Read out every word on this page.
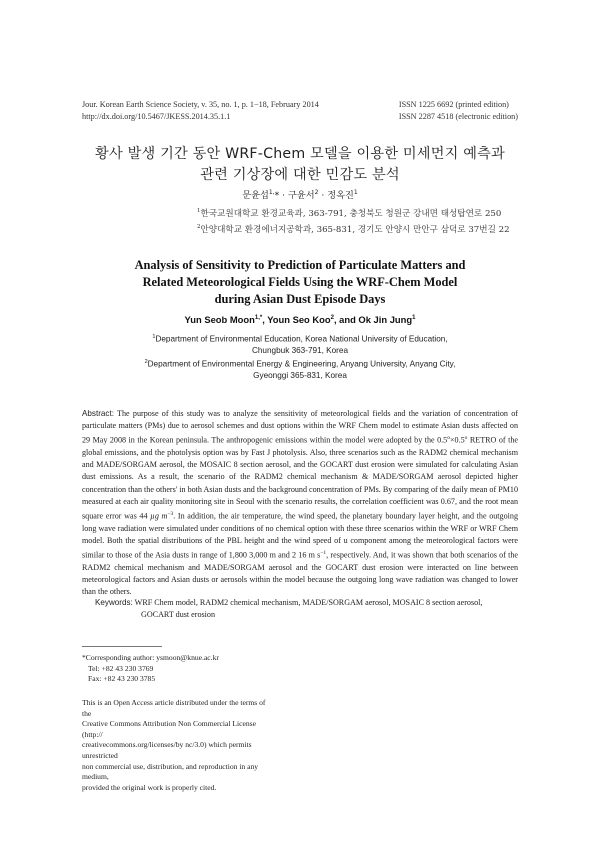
Jour. Korean Earth Science Society, v. 35, no. 1, p. 1−18, February 2014
http://dx.doi.org/10.5467/JKESS.2014.35.1.1
ISSN 1225 6692 (printed edition)
ISSN 2287 4518 (electronic edition)
황사 발생 기간 동안 WRF-Chem 모델을 이용한 미세먼지 예측과
관련 기상장에 대한 민감도 분석
문윤섭$^{1,}$* · 구윤서$^2$ · 정옥진$^1$
$^1$한국교원대학교 환경교육과, 363-791, 충청북도 청원군 강내면 태성탑연로 250
$^2$안양대학교 환경에너지공학과, 365-831, 경기도 안양시 만안구 삼덕로 37번길 22
Analysis of Sensitivity to Prediction of Particulate Matters and
Related Meteorological Fields Using the WRF-Chem Model
during Asian Dust Episode Days
Yun Seob Moon$^{1,*}$, Youn Seo Koo$^2$, and Ok Jin Jung$^1$
$^1$Department of Environmental Education, Korea National University of Education,
Chungbuk 363-791, Korea
$^2$Department of Environmental Energy & Engineering, Anyang University, Anyang City,
Gyeonggi 365-831, Korea
Abstract: The purpose of this study was to analyze the sensitivity of meteorological fields and the variation of concentration of particulate matters (PMs) due to aerosol schemes and dust options within the WRF Chem model to estimate Asian dusts affected on 29 May 2008 in the Korean peninsula. The anthropogenic emissions within the model were adopted by the $0.5^o\times 0.5^o$ RETRO of the global emissions, and the photolysis option was by Fast J photolysis. Also, three scenarios such as the RADM2 chemical mechanism and MADE/SORGAM aerosol, the MOSAIC 8 section aerosol, and the GOCART dust erosion were simulated for calculating Asian dust emissions. As a result, the scenario of the RADM2 chemical mechanism & MADE/SORGAM aerosol depicted higher concentration than the others' in both Asian dusts and the background concentration of PMs. By comparing of the daily mean of PM10 measured at each air quality monitoring site in Seoul with the scenario results, the correlation coefficient was 0.67, and the root mean square error was 44 µg $m^{-3}$. In addition, the air temperature, the wind speed, the planetary boundary layer height, and the outgoing long wave radiation were simulated under conditions of no chemical option with these three scenarios within the WRF or WRF Chem model. Both the spatial distributions of the PBL height and the wind speed of u component among the meteorological factors were similar to those of the Asia dusts in range of 1,800 3,000 m and 2 16 m $s^{-1}$, respectively. And, it was shown that both scenarios of the RADM2 chemical mechanism and MADE/SORGAM aerosol and the GOCART dust erosion were interacted on line between meteorological factors and Asian dusts or aerosols within the model because the outgoing long wave radiation was changed to lower than the others.
Keywords: WRF Chem model, RADM2 chemical mechanism, MADE/SORGAM aerosol, MOSAIC 8 section aerosol,
GOCART dust erosion
*Corresponding author: ysmoon@knue.ac.kr
Tel: +82 43 230 3769
Fax: +82 43 230 3785
This is an Open Access article distributed under the terms of the
Creative Commons Attribution Non Commercial License (http://
creativecommons.org/licenses/by nc/3.0) which permits unrestricted
non commercial use, distribution, and reproduction in any medium,
provided the original work is properly cited.
